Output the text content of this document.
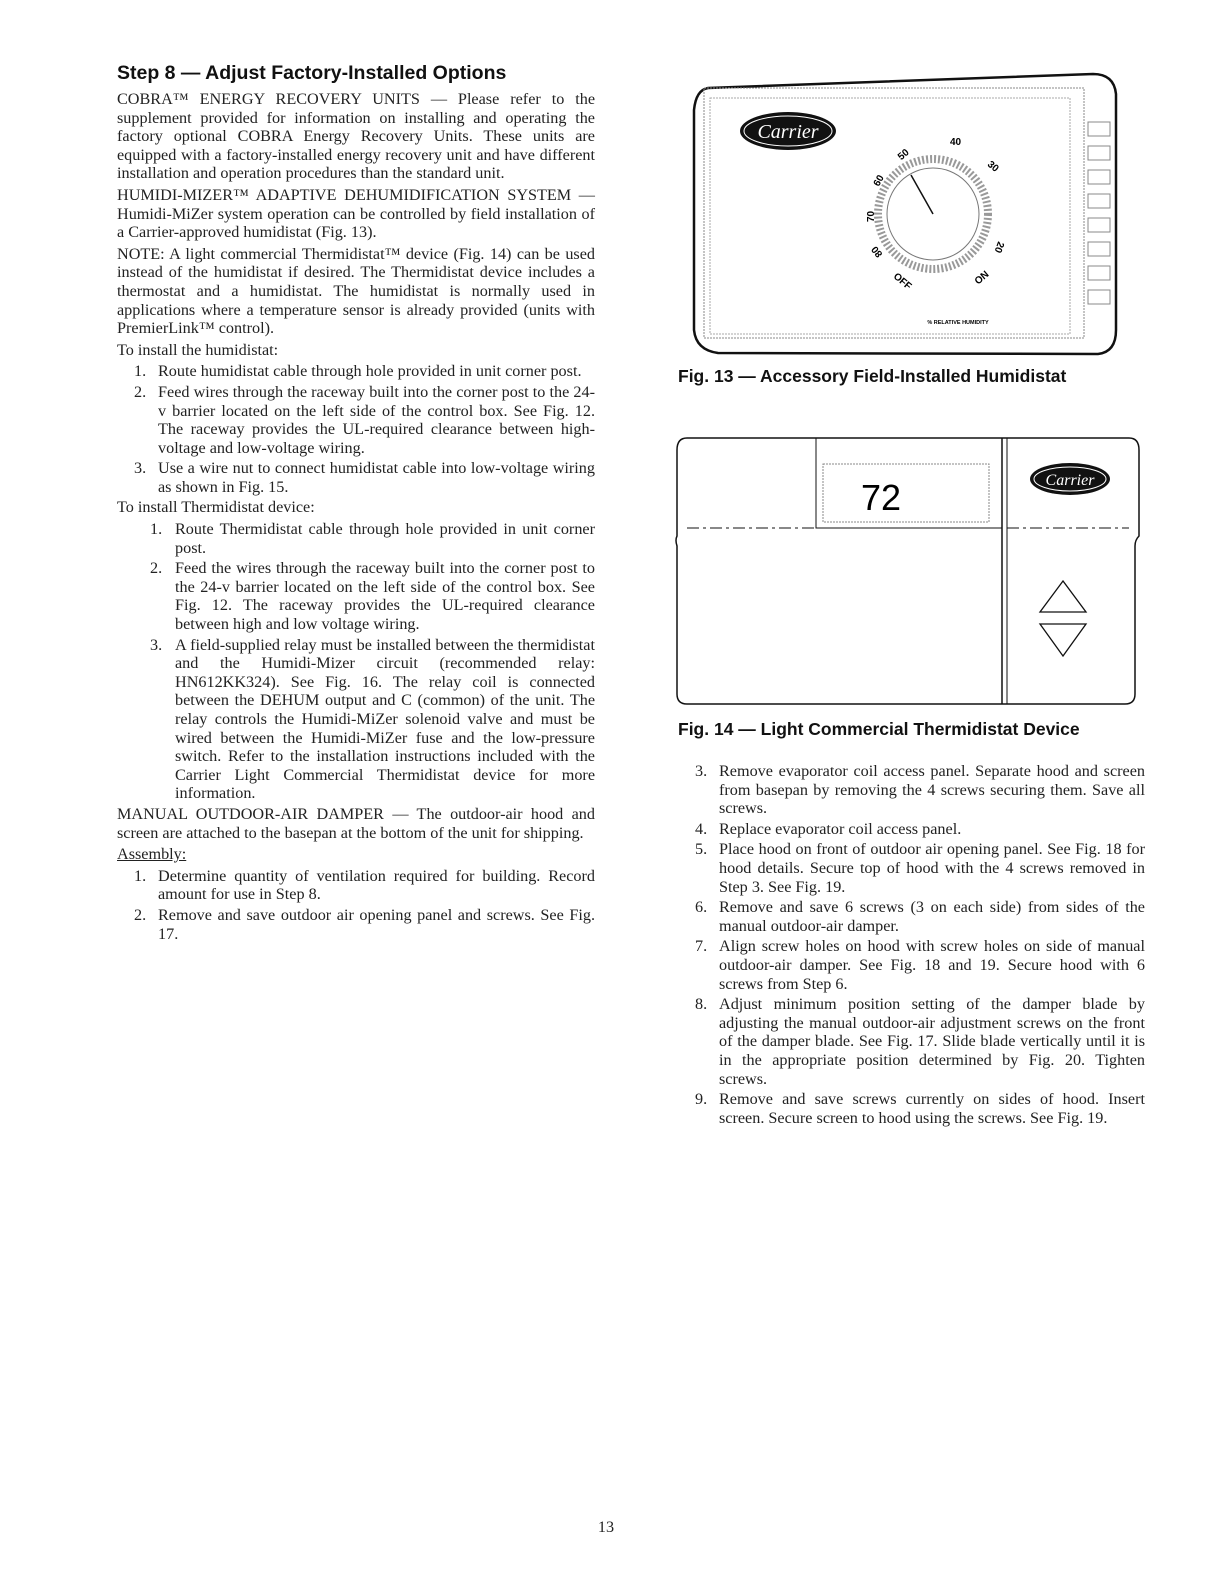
Step 8 — Adjust Factory-Installed Options

COBRA™ ENERGY RECOVERY UNITS — Please refer to the supplement provided for information on installing and operating the factory optional COBRA Energy Recovery Units. These units are equipped with a factory-installed energy recovery unit and have different installation and operation procedures than the standard unit.

HUMIDI-MIZER™ ADAPTIVE DEHUMIDIFICATION SYSTEM — Humidi-MiZer system operation can be controlled by field installation of a Carrier-approved humidistat (Fig. 13).

NOTE: A light commercial Thermidistat™ device (Fig. 14) can be used instead of the humidistat if desired. The Thermidistat device includes a thermostat and a humidistat. The humidistat is normally used in applications where a temperature sensor is already provided (units with PremierLink™ control).

To install the humidistat:

1. Route humidistat cable through hole provided in unit corner post.
2. Feed wires through the raceway built into the corner post to the 24-v barrier located on the left side of the control box. See Fig. 12. The raceway provides the UL-required clearance between high-voltage and low-voltage wiring.
3. Use a wire nut to connect humidistat cable into low-voltage wiring as shown in Fig. 15.

To install Thermidistat device:

1. Route Thermidistat cable through hole provided in unit corner post.
2. Feed the wires through the raceway built into the corner post to the 24-v barrier located on the left side of the control box. See Fig. 12. The raceway provides the UL-required clearance between high and low voltage wiring.
3. A field-supplied relay must be installed between the thermidistat and the Humidi-Mizer circuit (recommended relay: HN612KK324). See Fig. 16. The relay coil is connected between the DEHUM output and C (common) of the unit. The relay controls the Humidi-MiZer solenoid valve and must be wired between the Humidi-MiZer fuse and the low-pressure switch. Refer to the installation instructions included with the Carrier Light Commercial Thermidistat device for more information.

MANUAL OUTDOOR-AIR DAMPER — The outdoor-air hood and screen are attached to the basepan at the bottom of the unit for shipping.

Assembly:

1. Determine quantity of ventilation required for building. Record amount for use in Step 8.
2. Remove and save outdoor air opening panel and screws. See Fig. 17.
Carrier	40
50
60
70
80
OFF	ON
20
30
% RELATIVE HUMIDITY
Fig. 13 — Accessory Field-Installed Humidistat
72	Carrier
Fig. 14 — Light Commercial Thermidistat Device
3. Remove evaporator coil access panel. Separate hood and screen from basepan by removing the 4 screws securing them. Save all screws.
4. Replace evaporator coil access panel.
5. Place hood on front of outdoor air opening panel. See Fig. 18 for hood details. Secure top of hood with the 4 screws removed in Step 3. See Fig. 19.
6. Remove and save 6 screws (3 on each side) from sides of the manual outdoor-air damper.
7. Align screw holes on hood with screw holes on side of manual outdoor-air damper. See Fig. 18 and 19. Secure hood with 6 screws from Step 6.
8. Adjust minimum position setting of the damper blade by adjusting the manual outdoor-air adjustment screws on the front of the damper blade. See Fig. 17. Slide blade vertically until it is in the appropriate position determined by Fig. 20. Tighten screws.
9. Remove and save screws currently on sides of hood. Insert screen. Secure screen to hood using the screws. See Fig. 19.
13
